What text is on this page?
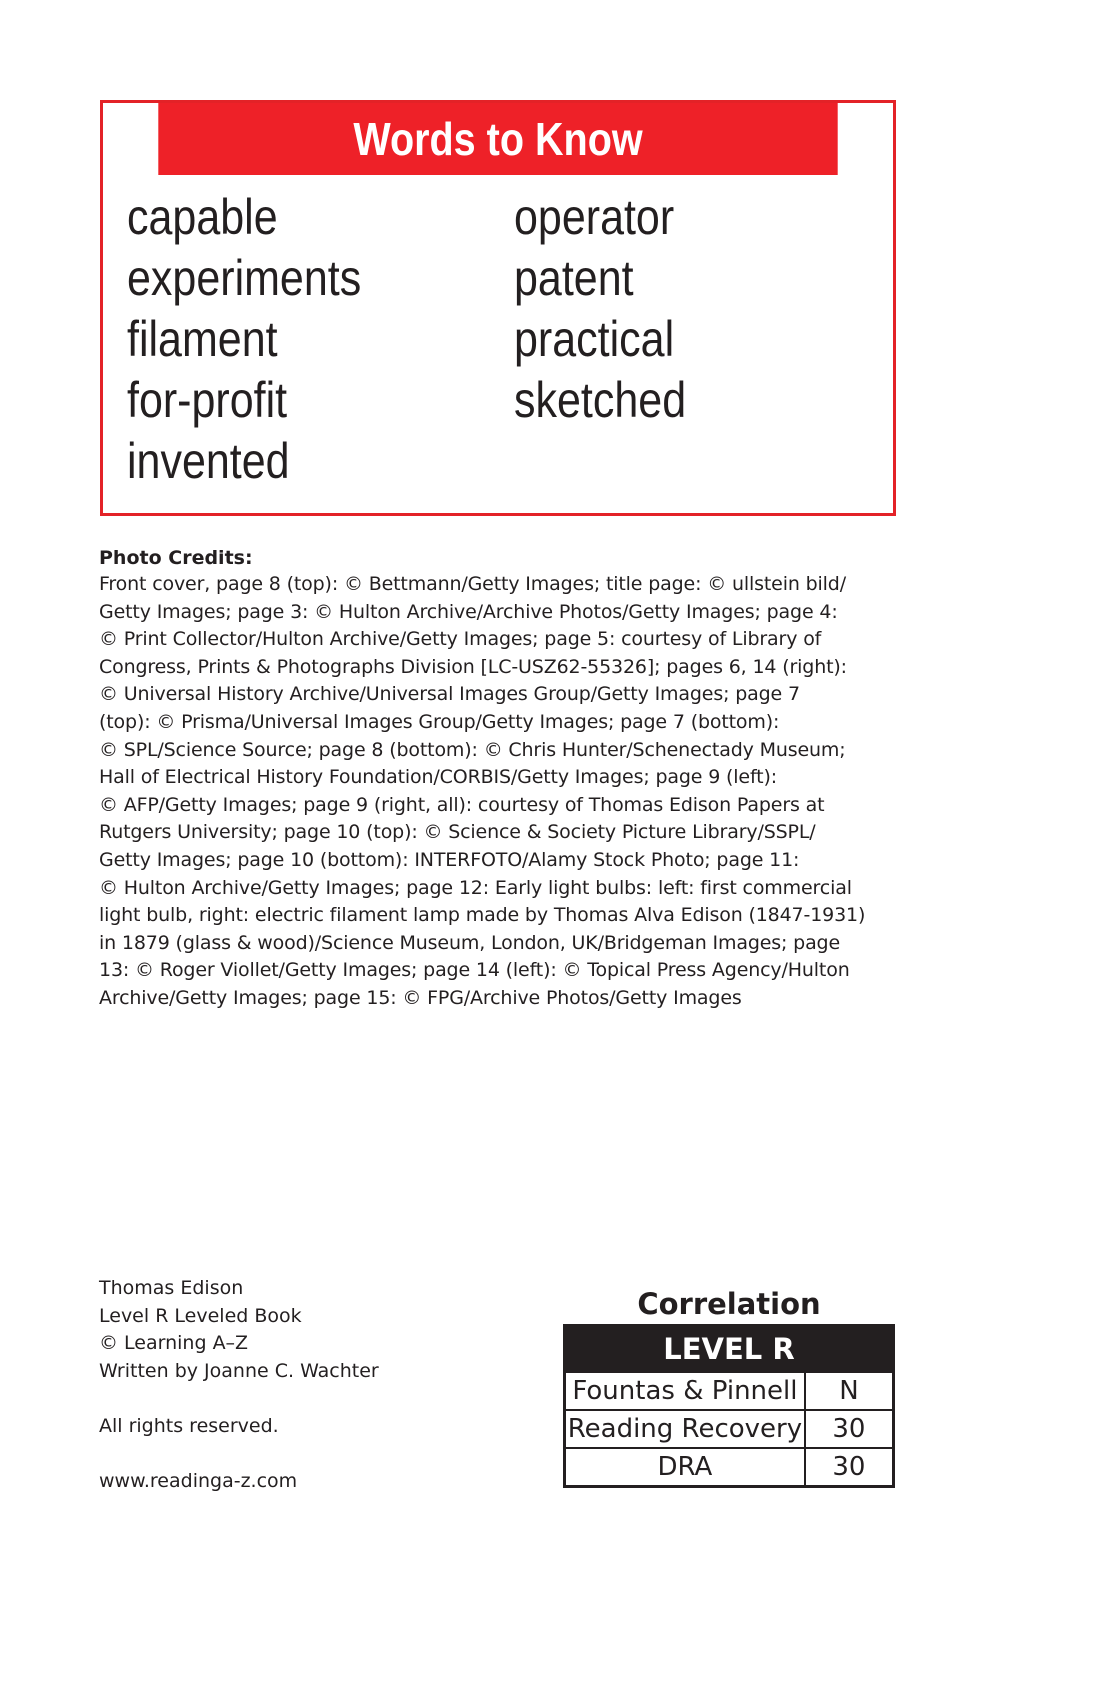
Words to Know
capable
experiments
filament
for-profit
invented
operator
patent
practical
sketched

Photo Credits:

Front cover, page 8 (top): © Bettmann/Getty Images; title page: © ullstein bild/
Getty Images; page 3: © Hulton Archive/Archive Photos/Getty Images; page 4:
© Print Collector/Hulton Archive/Getty Images; page 5: courtesy of Library of
Congress, Prints & Photographs Division [LC-USZ62-55326]; pages 6, 14 (right):
© Universal History Archive/Universal Images Group/Getty Images; page 7
(top): © Prisma/Universal Images Group/Getty Images; page 7 (bottom):
© SPL/Science Source; page 8 (bottom): © Chris Hunter/Schenectady Museum;
Hall of Electrical History Foundation/CORBIS/Getty Images; page 9 (left):
© AFP/Getty Images; page 9 (right, all): courtesy of Thomas Edison Papers at
Rutgers University; page 10 (top): © Science & Society Picture Library/SSPL/
Getty Images; page 10 (bottom): INTERFOTO/Alamy Stock Photo; page 11:
© Hulton Archive/Getty Images; page 12: Early light bulbs: left: first commercial
light bulb, right: electric filament lamp made by Thomas Alva Edison (1847-1931)
in 1879 (glass & wood)/Science Museum, London, UK/Bridgeman Images; page
13: © Roger Viollet/Getty Images; page 14 (left): © Topical Press Agency/Hulton
Archive/Getty Images; page 15: © FPG/Archive Photos/Getty Images

Thomas Edison
Level R Leveled Book
© Learning A–Z
Written by Joanne C. Wachter
All rights reserved.
www.readinga-z.com
Correlation
LEVEL R	
Fountas & Pinnell	N
Reading Recovery	30
DRA	30
